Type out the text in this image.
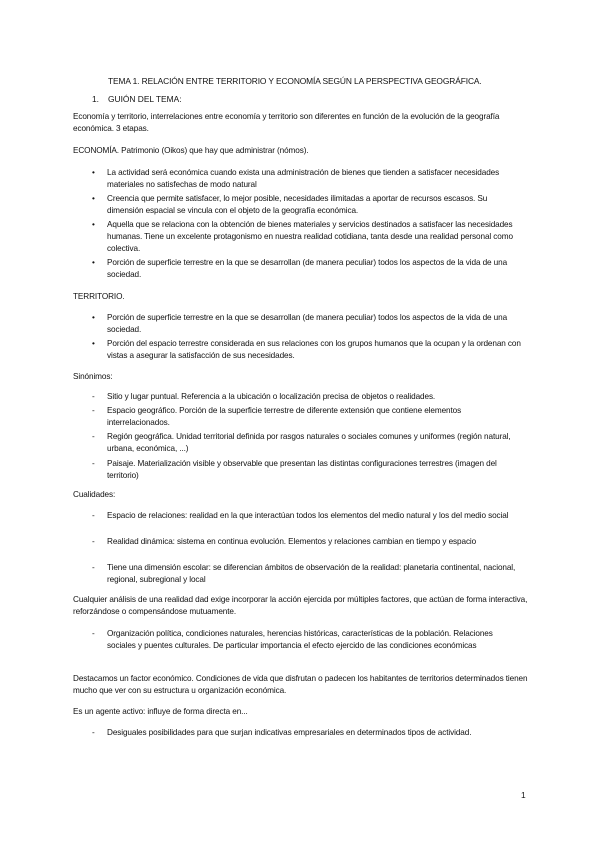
TEMA 1. RELACIÓN ENTRE TERRITORIO Y ECONOMÍA SEGÚN LA PERSPECTIVA GEOGRÁFICA.
1. GUIÓN DEL TEMA:
Economía y territorio, interrelaciones entre economía y territorio son diferentes en función de la evolución de la geografía económica. 3 etapas.
ECONOMÍA. Patrimonio (Oikos) que hay que administrar (nómos).
•	La actividad será económica cuando exista una administración de bienes que tienden a satisfacer necesidades materiales no satisfechas de modo natural
•	Creencia que permite satisfacer, lo mejor posible, necesidades ilimitadas a aportar de recursos escasos. Su dimensión espacial se vincula con el objeto de la geografía económica.
•	Aquella que se relaciona con la obtención de bienes materiales y servicios destinados a satisfacer las necesidades humanas. Tiene un excelente protagonismo en nuestra realidad cotidiana, tanta desde una realidad personal como colectiva.
•	Porción de superficie terrestre en la que se desarrollan (de manera peculiar) todos los aspectos de la vida de una sociedad.
TERRITORIO.
•	Porción de superficie terrestre en la que se desarrollan (de manera peculiar) todos los aspectos de la vida de una sociedad.
•	Porción del espacio terrestre considerada en sus relaciones con los grupos humanos que la ocupan y la ordenan con vistas a asegurar la satisfacción de sus necesidades.
Sinónimos:
-	Sitio y lugar puntual. Referencia a la ubicación o localización precisa de objetos o realidades.
-	Espacio geográfico. Porción de la superficie terrestre de diferente extensión que contiene elementos interrelacionados.
-	Región geográfica. Unidad territorial definida por rasgos naturales o sociales comunes y uniformes (región natural, urbana, económica, ...)
-	Paisaje. Materialización visible y observable que presentan las distintas configuraciones terrestres (imagen del territorio)
Cualidades:
-	Espacio de relaciones: realidad en la que interactúan todos los elementos del medio natural y los del medio social
-	Realidad dinámica: sistema en continua evolución. Elementos y relaciones cambian en tiempo y espacio
-	Tiene una dimensión escolar: se diferencian ámbitos de observación de la realidad: planetaria continental, nacional, regional, subregional y local
Cualquier análisis de una realidad dad exige incorporar la acción ejercida por múltiples factores, que actúan de forma interactiva, reforzándose o compensándose mutuamente.
-	Organización política, condiciones naturales, herencias históricas, características de la población. Relaciones sociales y puentes culturales. De particular importancia el efecto ejercido de las condiciones económicas
Destacamos un factor económico. Condiciones de vida que disfrutan o padecen los habitantes de territorios determinados tienen mucho que ver con su estructura u organización económica.
Es un agente activo: influye de forma directa en...
-	Desiguales posibilidades para que surjan indicativas empresariales en determinados tipos de actividad.
1
